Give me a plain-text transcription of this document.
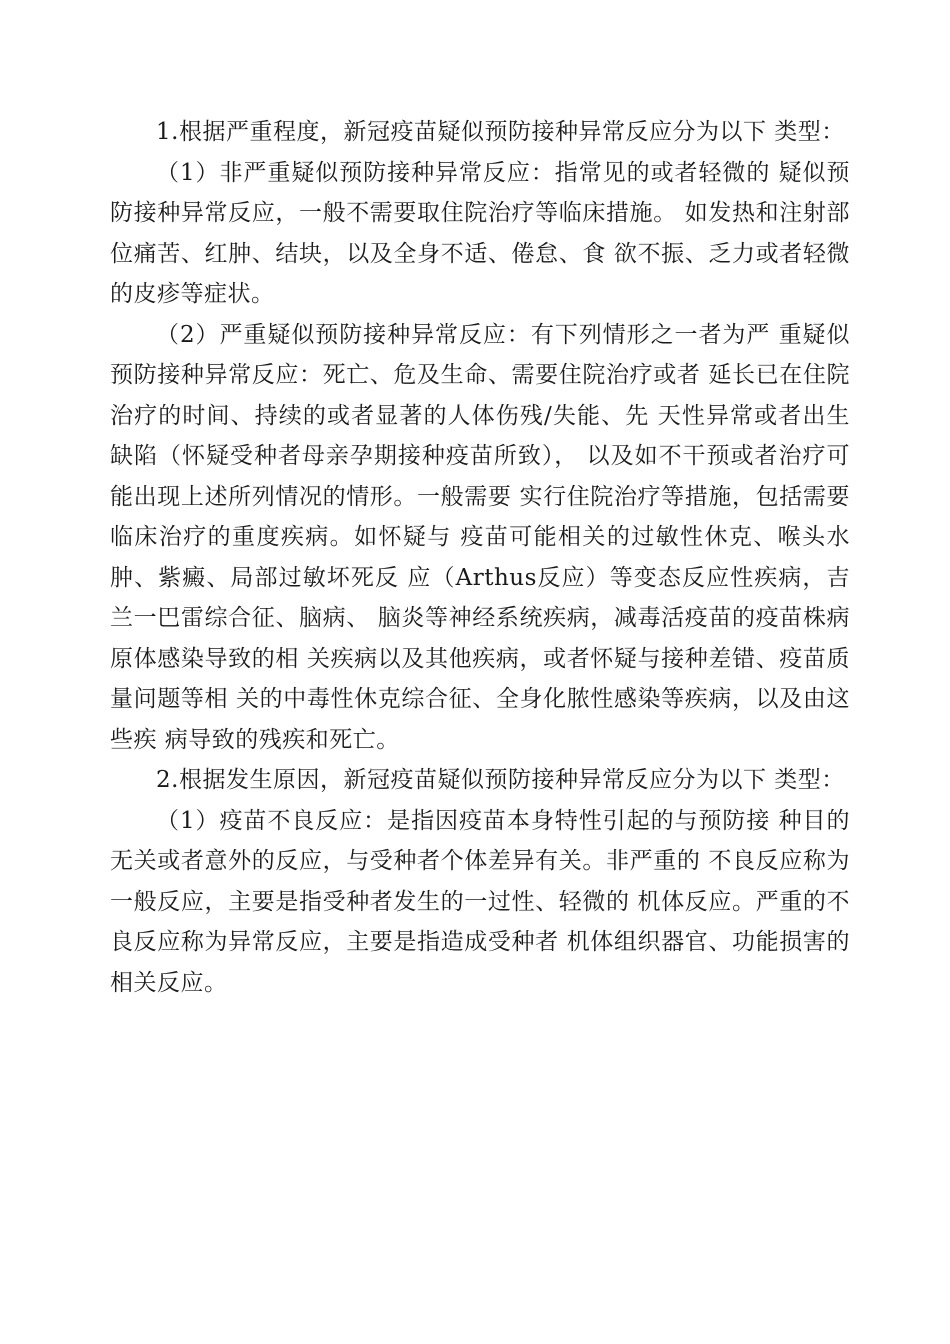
1.根据严重程度，新冠疫苗疑似预防接种异常反应分为以下 类型：

（1）非严重疑似预防接种异常反应：指常见的或者轻微的 疑似预防接种异常反应，一般不需要取住院治疗等临床措施。 如发热和注射部位痛苦、红肿、结块，以及全身不适、倦怠、食 欲不振、乏力或者轻微的皮疹等症状。

（2）严重疑似预防接种异常反应：有下列情形之一者为严 重疑似预防接种异常反应：死亡、危及生命、需要住院治疗或者 延长已在住院治疗的时间、持续的或者显著的人体伤残/失能、先 天性异常或者出生缺陷（怀疑受种者母亲孕期接种疫苗所致）， 以及如不干预或者治疗可能出现上述所列情况的情形。一般需要 实行住院治疗等措施，包括需要临床治疗的重度疾病。如怀疑与 疫苗可能相关的过敏性休克、喉头水肿、紫癜、局部过敏坏死反 应（Arthus反应）等变态反应性疾病，吉兰一巴雷综合征、脑病、 脑炎等神经系统疾病，减毒活疫苗的疫苗株病原体感染导致的相 关疾病以及其他疾病，或者怀疑与接种差错、疫苗质量问题等相 关的中毒性休克综合征、全身化脓性感染等疾病，以及由这些疾 病导致的残疾和死亡。

2.根据发生原因，新冠疫苗疑似预防接种异常反应分为以下 类型：

（1）疫苗不良反应：是指因疫苗本身特性引起的与预防接 种目的无关或者意外的反应，与受种者个体差异有关。非严重的 不良反应称为一般反应，主要是指受种者发生的一过性、轻微的 机体反应。严重的不良反应称为异常反应，主要是指造成受种者 机体组织器官、功能损害的相关反应。
